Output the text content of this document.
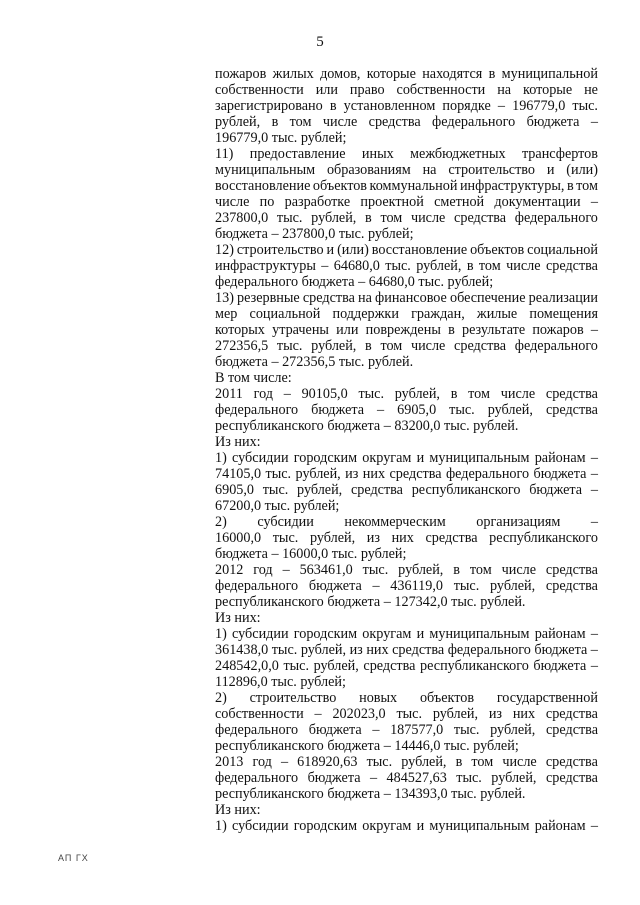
5
пожаров жилых домов, которые находятся в муниципальной
собственности или право собственности на которые не
зарегистрировано в установленном порядке – 196779,0 тыс.
рублей, в том числе средства федерального бюджета –
196779,0 тыс. рублей;
11) предоставление иных межбюджетных трансфертов
муниципальным образованиям на строительство и (или)
восстановление объектов коммунальной инфраструктуры, в том
числе по разработке проектной сметной документации –
237800,0 тыс. рублей, в том числе средства федерального
бюджета – 237800,0 тыс. рублей;
12) строительство и (или) восстановление объектов социальной
инфраструктуры – 64680,0 тыс. рублей, в том числе средства
федерального бюджета – 64680,0 тыс. рублей;
13) резервные средства на финансовое обеспечение реализации
мер социальной поддержки граждан, жилые помещения
которых утрачены или повреждены в результате пожаров –
272356,5 тыс. рублей, в том числе средства федерального
бюджета – 272356,5 тыс. рублей.
В том числе:
2011 год – 90105,0 тыс. рублей, в том числе средства
федерального бюджета – 6905,0 тыс. рублей, средства
республиканского бюджета – 83200,0 тыс. рублей.
Из них:
1) субсидии городским округам и муниципальным районам –
74105,0 тыс. рублей, из них средства федерального бюджета –
6905,0 тыс. рублей, средства республиканского бюджета –
67200,0 тыс. рублей;
2) субсидии некоммерческим организациям –
16000,0 тыс. рублей, из них средства республиканского
бюджета – 16000,0 тыс. рублей;
2012 год – 563461,0 тыс. рублей, в том числе средства
федерального бюджета – 436119,0 тыс. рублей, средства
республиканского бюджета – 127342,0 тыс. рублей.
Из них:
1) субсидии городским округам и муниципальным районам –
361438,0 тыс. рублей, из них средства федерального бюджета –
248542,0,0 тыс. рублей, средства республиканского бюджета –
112896,0 тыс. рублей;
2) строительство новых объектов государственной
собственности – 202023,0 тыс. рублей, из них средства
федерального бюджета – 187577,0 тыс. рублей, средства
республиканского бюджета – 14446,0 тыс. рублей;
2013 год – 618920,63 тыс. рублей, в том числе средства
федерального бюджета – 484527,63 тыс. рублей, средства
республиканского бюджета – 134393,0 тыс. рублей.
Из них:
1) субсидии городским округам и муниципальным районам –
АП ГХ
